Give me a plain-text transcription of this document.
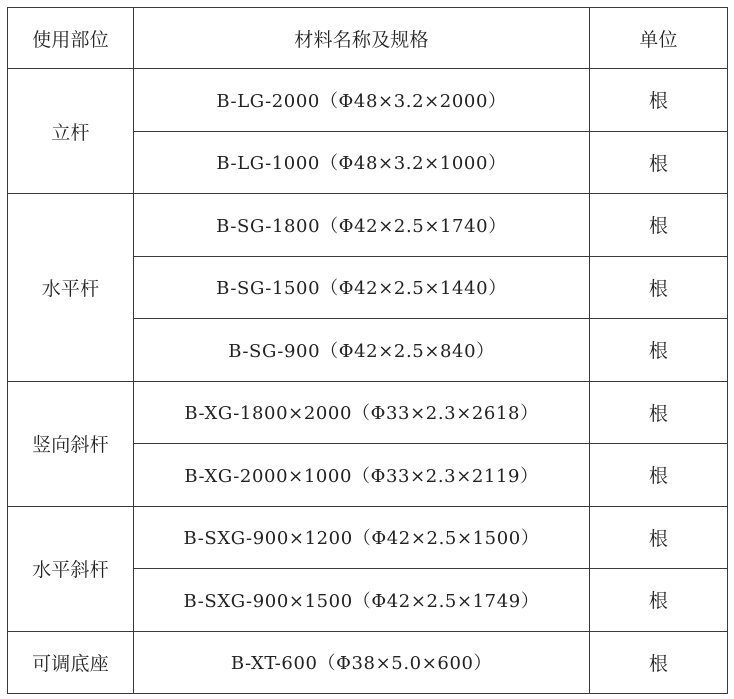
使用部位	材料名称及规格	单位
立杆	B-LG-2000（Φ48×3.2×2000）	根
	B-LG-1000（Φ48×3.2×1000）	根
水平杆	B-SG-1800（Φ42×2.5×1740）	根
	B-SG-1500（Φ42×2.5×1440）	根
	B-SG-900（Φ42×2.5×840）	根
竖向斜杆	B-XG-1800×2000（Φ33×2.3×2618）	根
	B-XG-2000×1000（Φ33×2.3×2119）	根
水平斜杆	B-SXG-900×1200（Φ42×2.5×1500）	根
	B-SXG-900×1500（Φ42×2.5×1749）	根
可调底座	B-XT-600（Φ38×5.0×600）	根
